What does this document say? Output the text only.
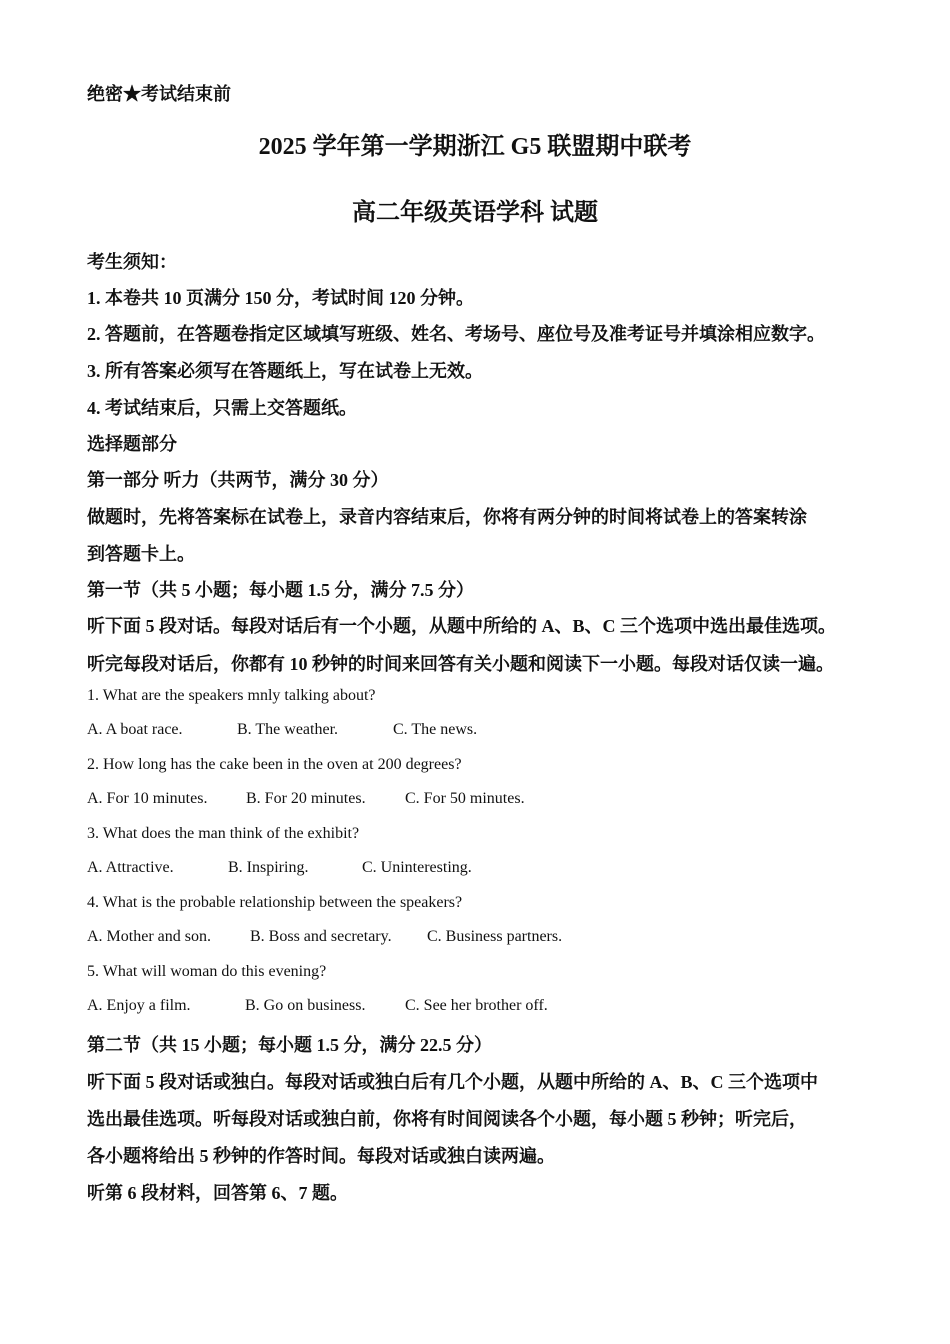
绝密★考试结束前
2025 学年第一学期浙江 G5 联盟期中联考
高二年级英语学科 试题
考生须知：
1. 本卷共 10 页满分 150 分，考试时间 120 分钟。
2. 答题前，在答题卷指定区域填写班级、姓名、考场号、座位号及准考证号并填涂相应数字。
3. 所有答案必须写在答题纸上，写在试卷上无效。
4. 考试结束后，只需上交答题纸。
选择题部分
第一部分 听力（共两节，满分 30 分）
做题时，先将答案标在试卷上，录音内容结束后，你将有两分钟的时间将试卷上的答案转涂
到答题卡上。
第一节（共 5 小题；每小题 1.5 分，满分 7.5 分）
听下面 5 段对话。每段对话后有一个小题，从题中所给的 A、B、C 三个选项中选出最佳选项。
听完每段对话后，你都有 10 秒钟的时间来回答有关小题和阅读下一小题。每段对话仅读一遍。
1. What are the speakers mnly talking about?
A. A boat race.	B. The weather.	C. The news.
2. How long has the cake been in the oven at 200 degrees?
A. For 10 minutes. B. For 20 minutes. C. For 50 minutes.
3. What does the man think of the exhibit?
A. Attractive.	B. Inspiring.	C. Uninteresting.
4. What is the probable relationship between the speakers?
A. Mother and son. B. Boss and secretary. C. Business partners.
5. What will woman do this evening?
A. Enjoy a film.	B. Go on business. C. See her brother off.
第二节（共 15 小题；每小题 1.5 分，满分 22.5 分）
听下面 5 段对话或独白。每段对话或独白后有几个小题，从题中所给的 A、B、C 三个选项中
选出最佳选项。听每段对话或独白前，你将有时间阅读各个小题，每小题 5 秒钟；听完后，
各小题将给出 5 秒钟的作答时间。每段对话或独白读两遍。
听第 6 段材料，回答第 6、7 题。
